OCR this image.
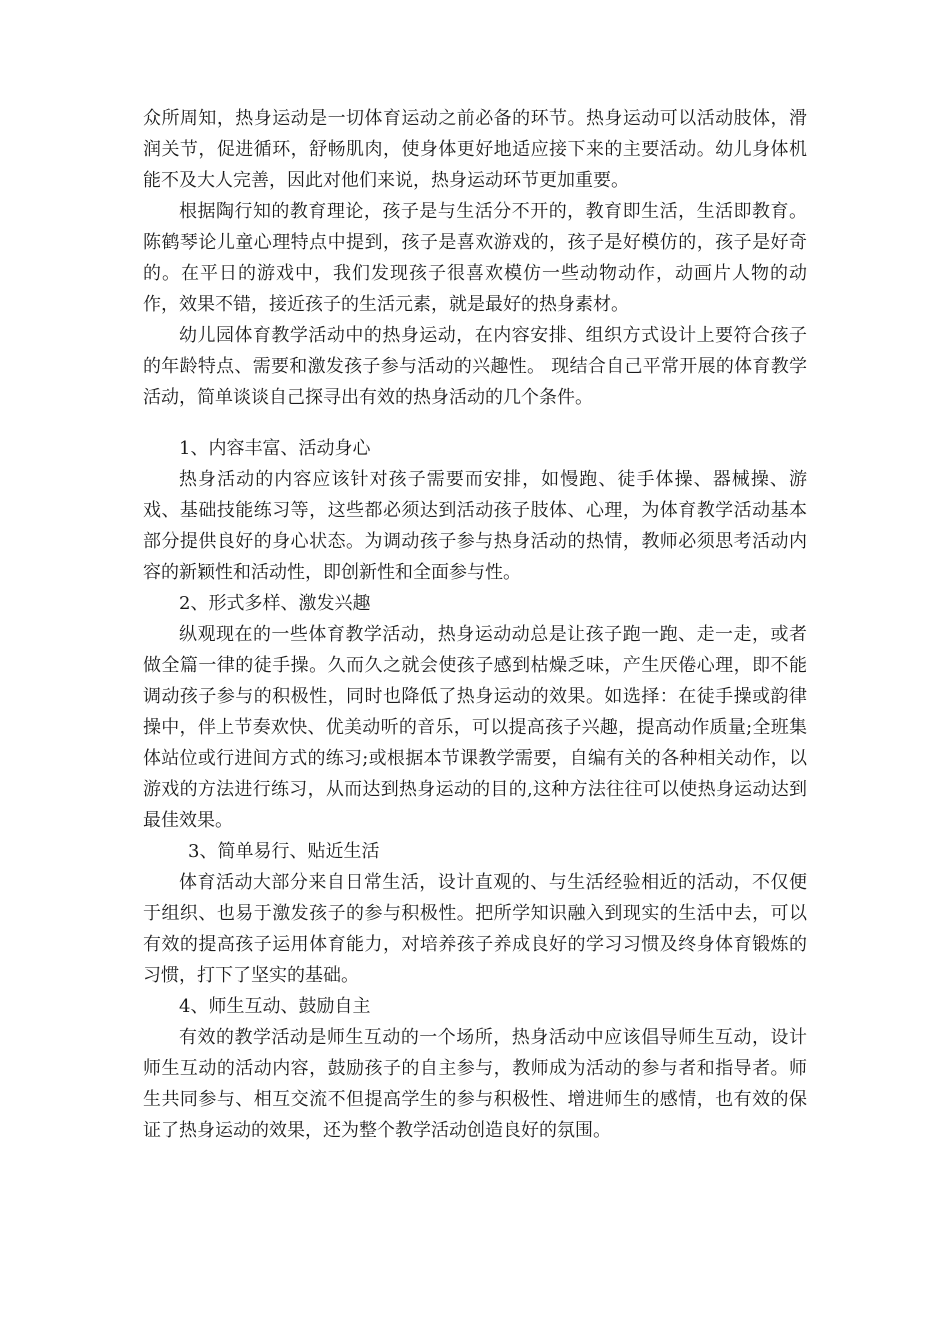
众所周知，热身运动是一切体育运动之前必备的环节。热身运动可以活动肢体，滑润关节，促进循环，舒畅肌肉，使身体更好地适应接下来的主要活动。幼儿身体机能不及大人完善，因此对他们来说，热身运动环节更加重要。

根据陶行知的教育理论，孩子是与生活分不开的，教育即生活，生活即教育。陈鹤琴论儿童心理特点中提到，孩子是喜欢游戏的，孩子是好模仿的，孩子是好奇的。在平日的游戏中，我们发现孩子很喜欢模仿一些动物动作，动画片人物的动作，效果不错，接近孩子的生活元素，就是最好的热身素材。

幼儿园体育教学活动中的热身运动，在内容安排、组织方式设计上要符合孩子的年龄特点、需要和激发孩子参与活动的兴趣性。 现结合自己平常开展的体育教学活动，简单谈谈自己探寻出有效的热身活动的几个条件。

1、内容丰富、活动身心

热身活动的内容应该针对孩子需要而安排，如慢跑、徒手体操、器械操、游戏、基础技能练习等，这些都必须达到活动孩子肢体、心理，为体育教学活动基本部分提供良好的身心状态。为调动孩子参与热身活动的热情，教师必须思考活动内容的新颖性和活动性，即创新性和全面参与性。

2、形式多样、激发兴趣

纵观现在的一些体育教学活动，热身运动动总是让孩子跑一跑、走一走，或者做全篇一律的徒手操。久而久之就会使孩子感到枯燥乏味，产生厌倦心理，即不能调动孩子参与的积极性，同时也降低了热身运动的效果。如选择：在徒手操或韵律操中，伴上节奏欢快、优美动听的音乐，可以提高孩子兴趣，提高动作质量;全班集体站位或行进间方式的练习;或根据本节课教学需要，自编有关的各种相关动作，以游戏的方法进行练习，从而达到热身运动的目的,这种方法往往可以使热身运动达到最佳效果。

3、简单易行、贴近生活

体育活动大部分来自日常生活，设计直观的、与生活经验相近的活动，不仅便于组织、也易于激发孩子的参与积极性。把所学知识融入到现实的生活中去，可以有效的提高孩子运用体育能力，对培养孩子养成良好的学习习惯及终身体育锻炼的习惯，打下了坚实的基础。

4、师生互动、鼓励自主

有效的教学活动是师生互动的一个场所，热身活动中应该倡导师生互动，设计师生互动的活动内容，鼓励孩子的自主参与，教师成为活动的参与者和指导者。师生共同参与、相互交流不但提高学生的参与积极性、增进师生的感情，也有效的保证了热身运动的效果，还为整个教学活动创造良好的氛围。
